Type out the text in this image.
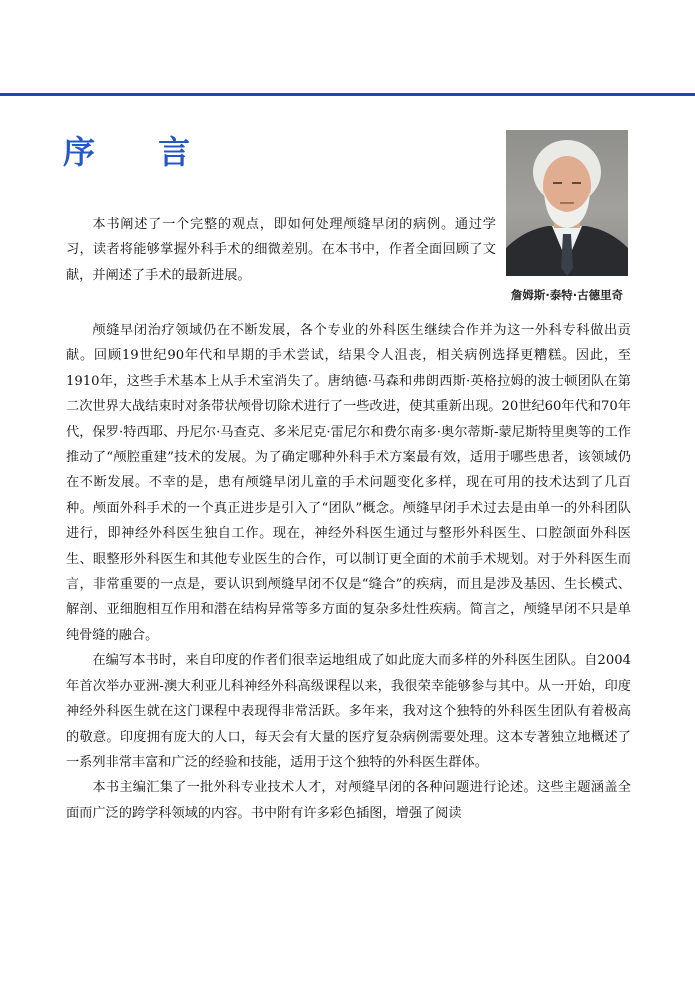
序 言
詹姆斯·泰特·古德里奇

本书阐述了一个完整的观点，即如何处理颅缝早闭的病例。通过学习，读者将能够掌握外科手术的细微差别。在本书中，作者全面回顾了文献，并阐述了手术的最新进展。

颅缝早闭治疗领域仍在不断发展，各个专业的外科医生继续合作并为这一外科专科做出贡献。回顾19世纪90年代和早期的手术尝试，结果令人沮丧，相关病例选择更糟糕。因此，至1910年，这些手术基本上从手术室消失了。唐纳德·马森和弗朗西斯·英格拉姆的波士顿团队在第二次世界大战结束时对条带状颅骨切除术进行了一些改进，使其重新出现。20世纪60年代和70年代，保罗·特西耶、丹尼尔·马查克、多米尼克·雷尼尔和费尔南多·奥尔蒂斯-蒙尼斯特里奥等的工作推动了“颅腔重建”技术的发展。为了确定哪种外科手术方案最有效，适用于哪些患者，该领域仍在不断发展。不幸的是，患有颅缝早闭儿童的手术问题变化多样，现在可用的技术达到了几百种。颅面外科手术的一个真正进步是引入了“团队”概念。颅缝早闭手术过去是由单一的外科团队进行，即神经外科医生独自工作。现在，神经外科医生通过与整形外科医生、口腔颌面外科医生、眼整形外科医生和其他专业医生的合作，可以制订更全面的术前手术规划。对于外科医生而言，非常重要的一点是，要认识到颅缝早闭不仅是“缝合”的疾病，而且是涉及基因、生长模式、解剖、亚细胞相互作用和潜在结构异常等多方面的复杂多灶性疾病。简言之，颅缝早闭不只是单纯骨缝的融合。

在编写本书时，来自印度的作者们很幸运地组成了如此庞大而多样的外科医生团队。自2004年首次举办亚洲-澳大利亚儿科神经外科高级课程以来，我很荣幸能够参与其中。从一开始，印度神经外科医生就在这门课程中表现得非常活跃。多年来，我对这个独特的外科医生团队有着极高的敬意。印度拥有庞大的人口，每天会有大量的医疗复杂病例需要处理。这本专著独立地概述了一系列非常丰富和广泛的经验和技能，适用于这个独特的外科医生群体。

本书主编汇集了一批外科专业技术人才，对颅缝早闭的各种问题进行论述。这些主题涵盖全面而广泛的跨学科领域的内容。书中附有许多彩色插图，增强了阅读
